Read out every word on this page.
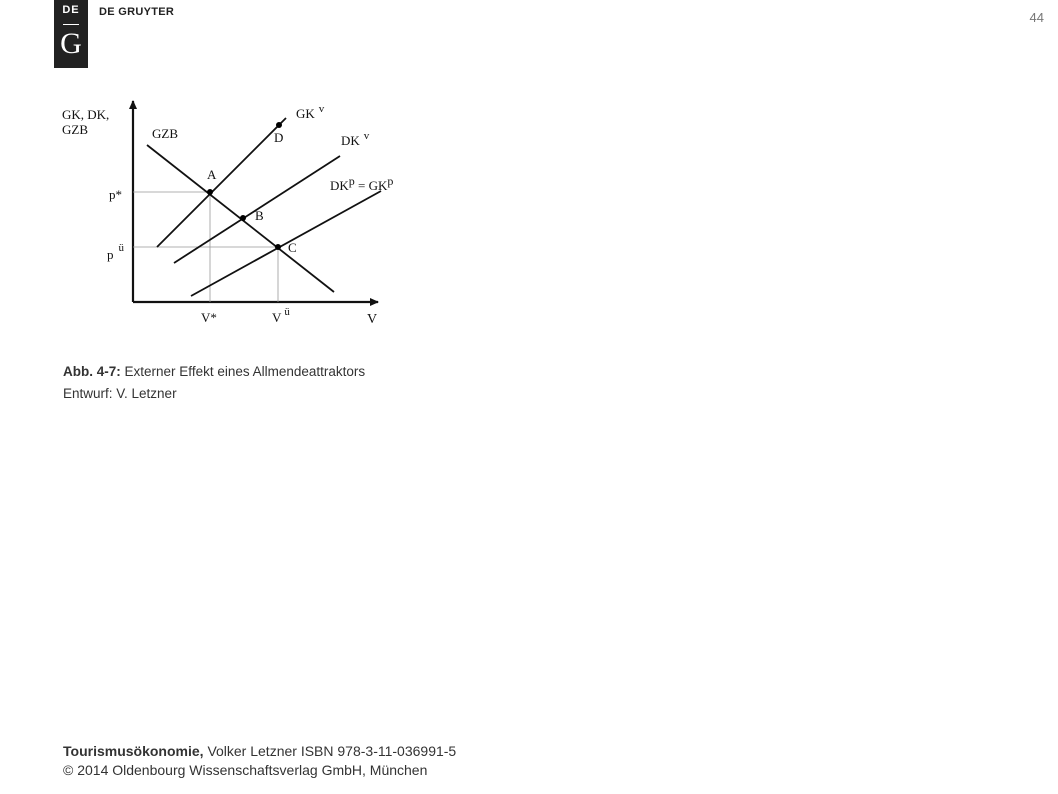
DE
G
DE GRUYTER	44
GK, DK,
GZB
V
GZB
GK $^v$
DK $^v$
DKp = GKp
A
B
C
D
p*
p $^ü$
V*	V $^ü$
Abb. 4-7: Externer Effekt eines Allmendeattraktors
Entwurf: V. Letzner
Tourismusökonomie, Volker Letzner ISBN 978-3-11-036991-5
© 2014 Oldenbourg Wissenschaftsverlag GmbH, München
